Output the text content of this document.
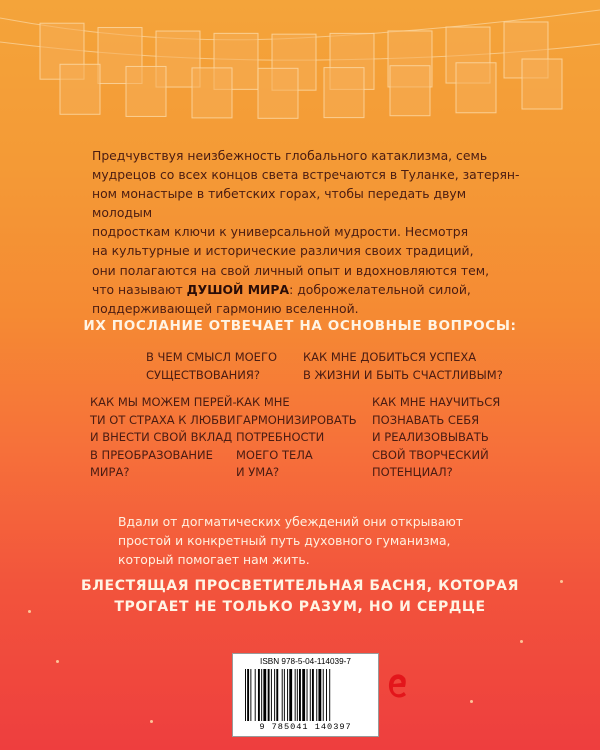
Предчувствуя неизбежность глобального катаклизма, семь
мудрецов со всех концов света встречаются в Туланке, затерян-
ном монастыре в тибетских горах, чтобы передать двум молодым
подросткам ключи к универсальной мудрости. Несмотря
на культурные и исторические различия своих традиций,
они полагаются на свой личный опыт и вдохновляются тем,
что называют ДУШОЙ МИРА: доброжелательной силой,
поддерживающей гармонию вселенной.
ИХ ПОСЛАНИЕ ОТВЕЧАЕТ НА ОСНОВНЫЕ ВОПРОСЫ:
В ЧЕМ СМЫСЛ МОЕГО
СУЩЕСТВОВАНИЯ?
КАК МНЕ ДОБИТЬСЯ УСПЕХА
В ЖИЗНИ И БЫТЬ СЧАСТЛИВЫМ?
КАК МЫ МОЖЕМ ПЕРЕЙ-
ТИ ОТ СТРАХА К ЛЮБВИ
И ВНЕСТИ СВОЙ ВКЛАД
В ПРЕОБРАЗОВАНИЕ
МИРА?
КАК МНЕ
ГАРМОНИЗИРОВАТЬ
ПОТРЕБНОСТИ
МОЕГО ТЕЛА
И УМА?
КАК МНЕ НАУЧИТЬСЯ
ПОЗНАВАТЬ СЕБЯ
И РЕАЛИЗОВЫВАТЬ
СВОЙ ТВОРЧЕСКИЙ
ПОТЕНЦИАЛ?
Вдали от догматических убеждений они открывают
простой и конкретный путь духовного гуманизма,
который помогает нам жить.
БЛЕСТЯЩАЯ ПРОСВЕТИТЕЛЬНАЯ БАСНЯ, КОТОРАЯ
ТРОГАЕТ НЕ ТОЛЬКО РАЗУМ, НО И СЕРДЦЕ
ISBN 978-5-04-114039-7
9 785041 140397
